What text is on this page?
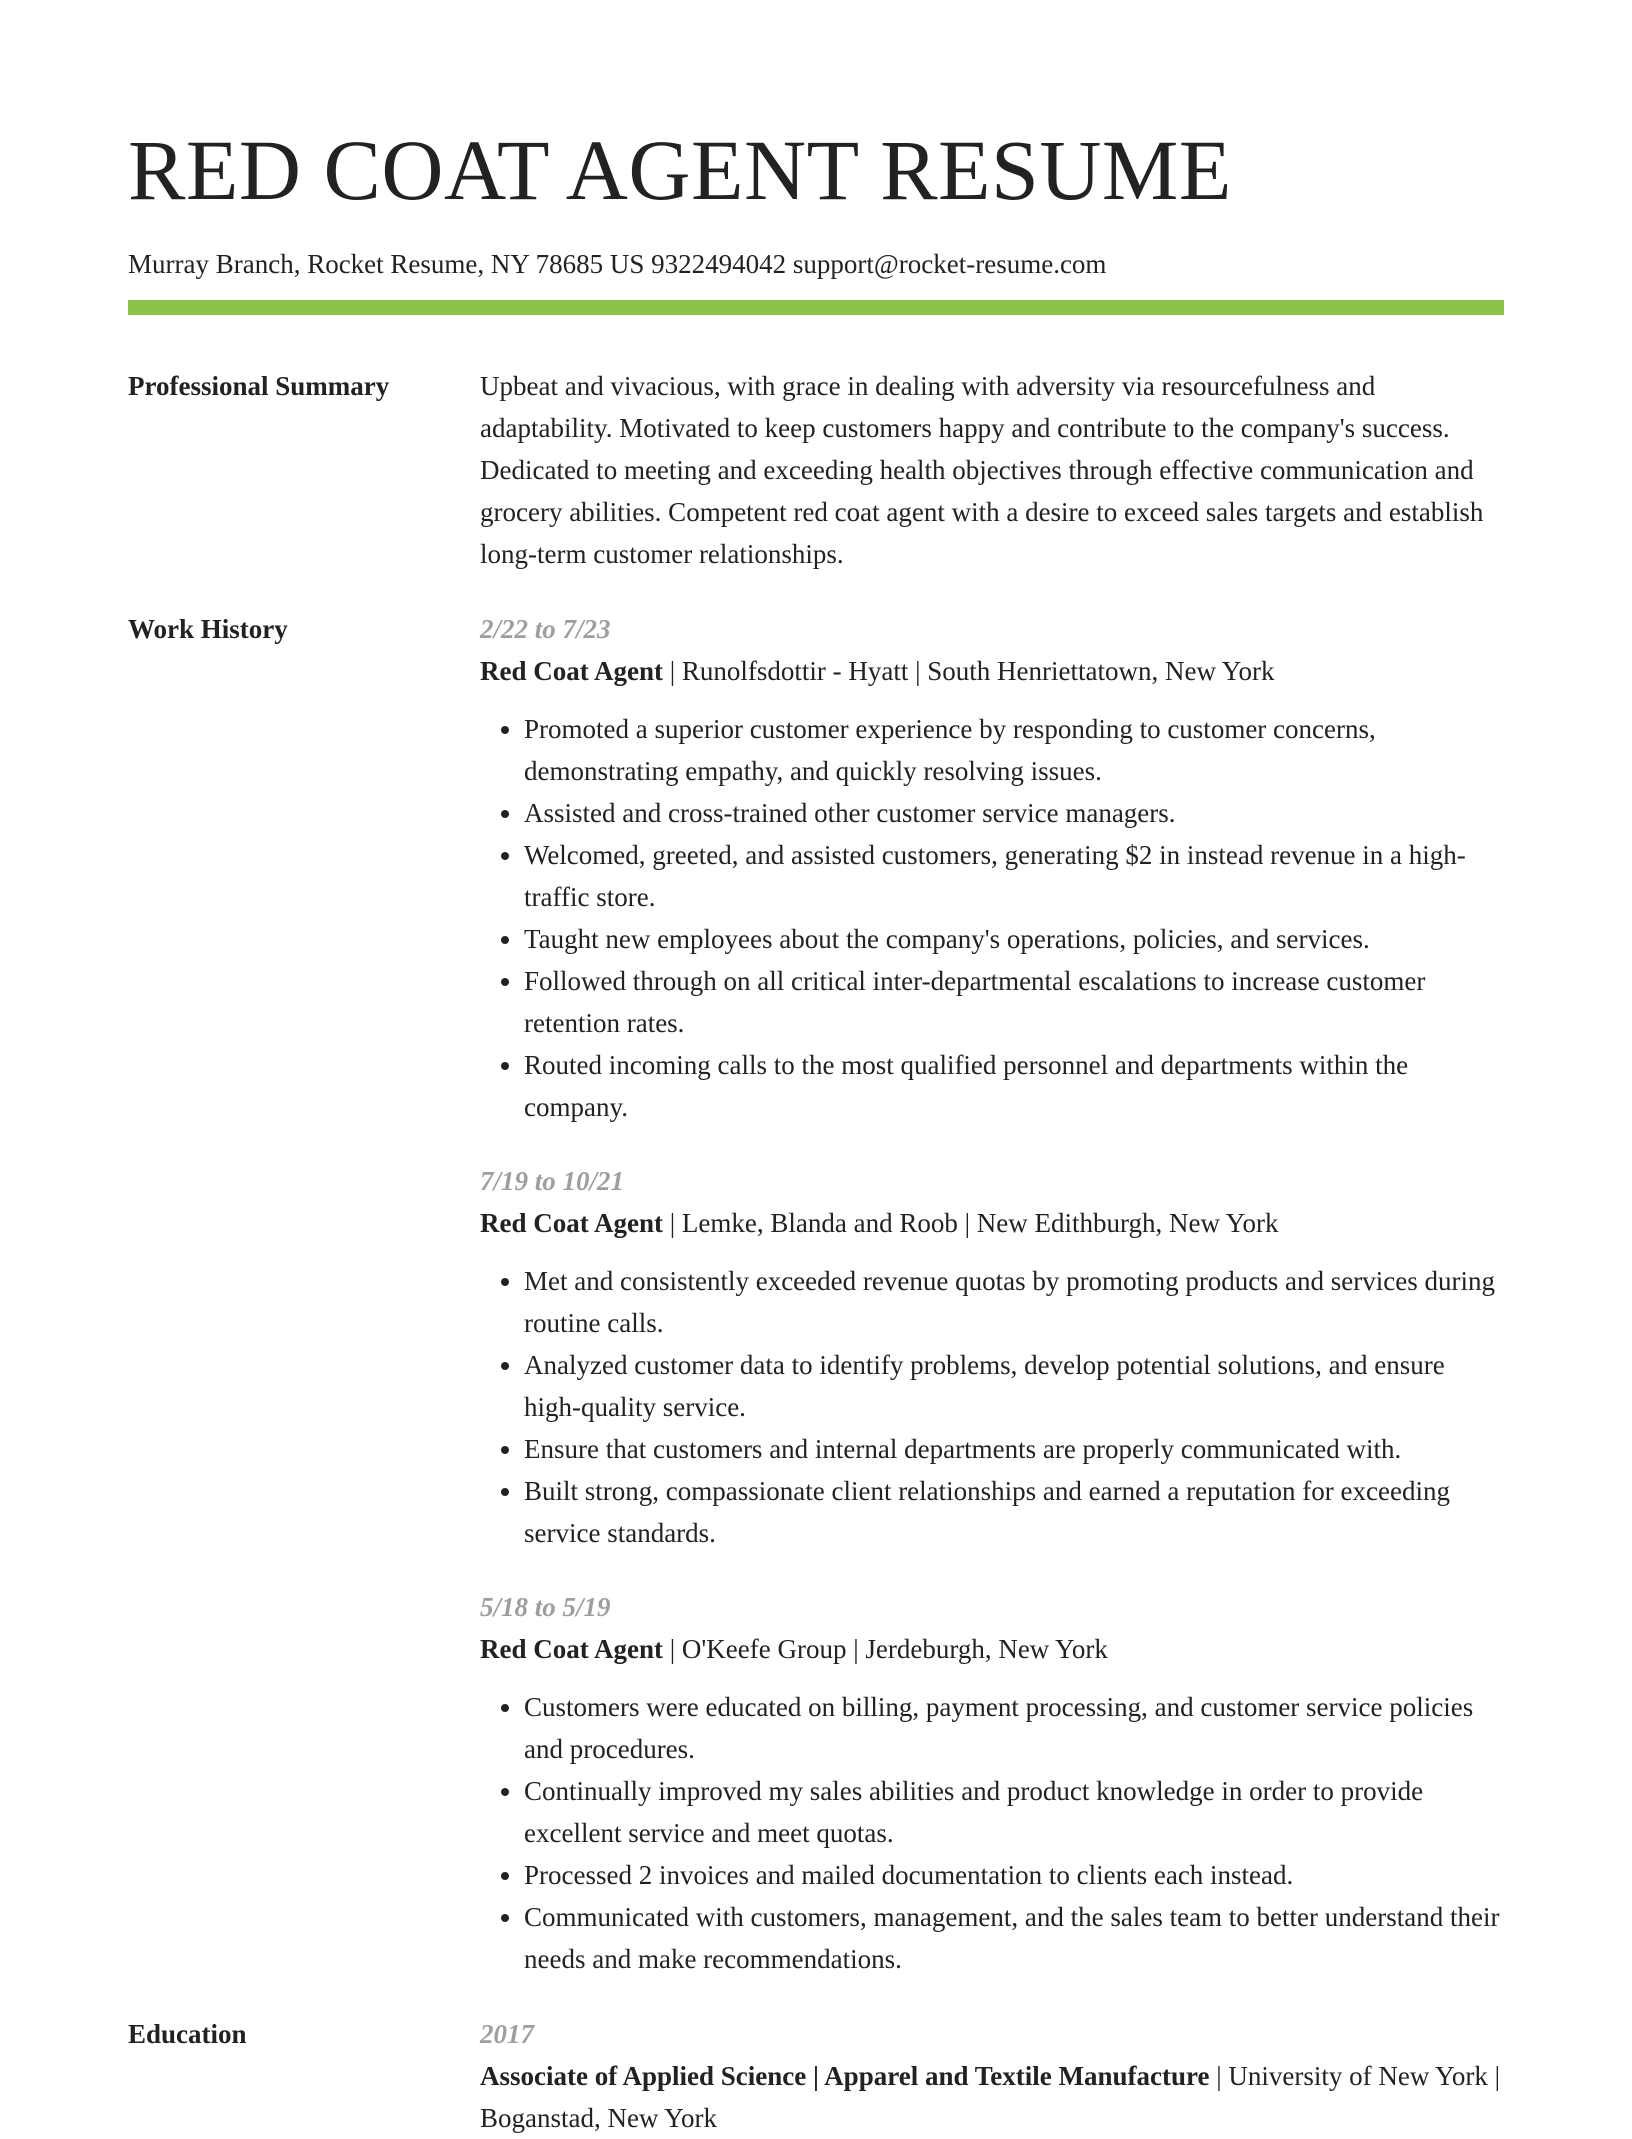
RED COAT AGENT RESUME
Murray Branch, Rocket Resume, NY 78685 US 9322494042 support@rocket-resume.com
Professional Summary	Upbeat and vivacious, with grace in dealing with adversity via resourcefulness and adaptability. Motivated to keep customers happy and contribute to the company's success. Dedicated to meeting and exceeding health objectives through effective communication and grocery abilities. Competent red coat agent with a desire to exceed sales targets and establish long-term customer relationships.
Work History	2/22 to 7/23
Red Coat Agent | Runolfsdottir - Hyatt | South Henriettatown, New York
• Promoted a superior customer experience by responding to customer concerns, demonstrating empathy, and quickly resolving issues.
• Assisted and cross-trained other customer service managers.
• Welcomed, greeted, and assisted customers, generating $2 in instead revenue in a high-traffic store.
• Taught new employees about the company's operations, policies, and services.
• Followed through on all critical inter-departmental escalations to increase customer retention rates.
• Routed incoming calls to the most qualified personnel and departments within the company.
7/19 to 10/21
Red Coat Agent | Lemke, Blanda and Roob | New Edithburgh, New York
• Met and consistently exceeded revenue quotas by promoting products and services during routine calls.
• Analyzed customer data to identify problems, develop potential solutions, and ensure high-quality service.
• Ensure that customers and internal departments are properly communicated with.
• Built strong, compassionate client relationships and earned a reputation for exceeding service standards.
5/18 to 5/19
Red Coat Agent | O'Keefe Group | Jerdeburgh, New York
• Customers were educated on billing, payment processing, and customer service policies and procedures.
• Continually improved my sales abilities and product knowledge in order to provide excellent service and meet quotas.
• Processed 2 invoices and mailed documentation to clients each instead.
• Communicated with customers, management, and the sales team to better understand their needs and make recommendations.
Education	2017
Associate of Applied Science | Apparel and Textile Manufacture | University of New York | Boganstad, New York
